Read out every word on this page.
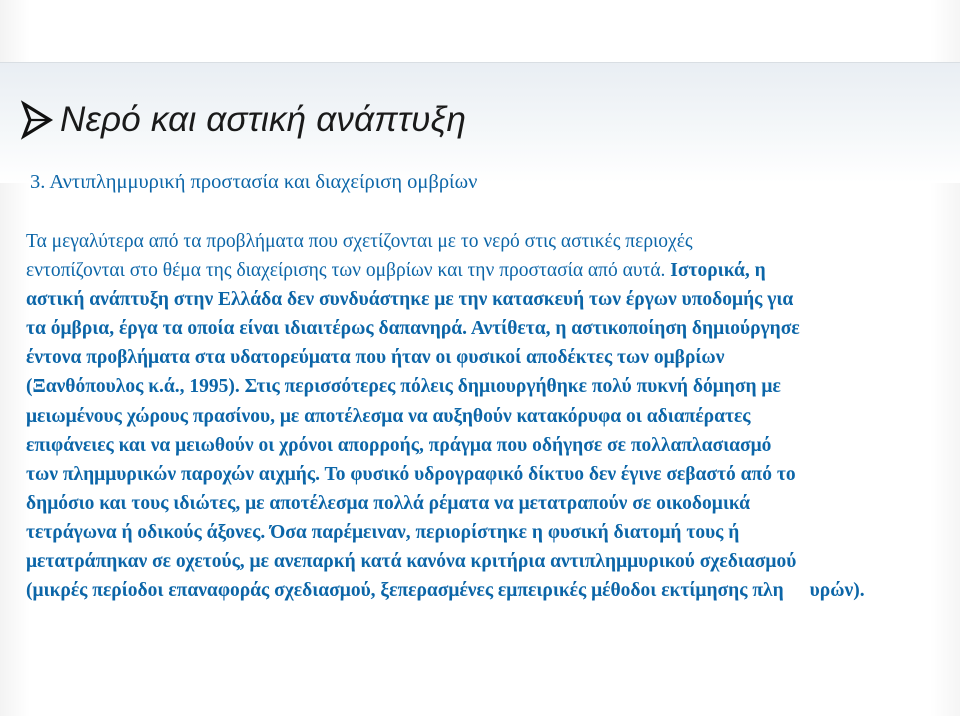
Νερό και αστική ανάπτυξη
3. Αντιπλημμυρική προστασία και διαχείριση ομβρίων
Τα μεγαλύτερα από τα προβλήματα που σχετίζονται με το νερό στις αστικές περιοχές
εντοπίζονται στο θέμα της διαχείρισης των ομβρίων και την προστασία από αυτά. Ιστορικά, η
αστική ανάπτυξη στην Ελλάδα δεν συνδυάστηκε με την κατασκευή των έργων υποδομής για
τα όμβρια, έργα τα οποία είναι ιδιαιτέρως δαπανηρά. Αντίθετα, η αστικοποίηση δημιούργησε
έντονα προβλήματα στα υδατορεύματα που ήταν οι φυσικοί αποδέκτες των ομβρίων
(Ξανθόπουλος κ.ά., 1995). Στις περισσότερες πόλεις δημιουργήθηκε πολύ πυκνή δόμηση με
μειωμένους χώρους πρασίνου, με αποτέλεσμα να αυξηθούν κατακόρυφα οι αδιαπέρατες
επιφάνειες και να μειωθούν οι χρόνοι απορροής, πράγμα που οδήγησε σε πολλαπλασιασμό
των πλημμυρικών παροχών αιχμής. Το φυσικό υδρογραφικό δίκτυο δεν έγινε σεβαστό από το
δημόσιο και τους ιδιώτες, με αποτέλεσμα πολλά ρέματα να μετατραπούν σε οικοδομικά
τετράγωνα ή οδικούς άξονες. Όσα παρέμειναν, περιορίστηκε η φυσική διατομή τους ή
μετατράπηκαν σε οχετούς, με ανεπαρκή κατά κανόνα κριτήρια αντιπλημμυρικού σχεδιασμού
(μικρές περίοδοι επαναφοράς σχεδιασμού, ξεπερασμένες εμπειρικές μέθοδοι εκτίμησης πλη υρών).
